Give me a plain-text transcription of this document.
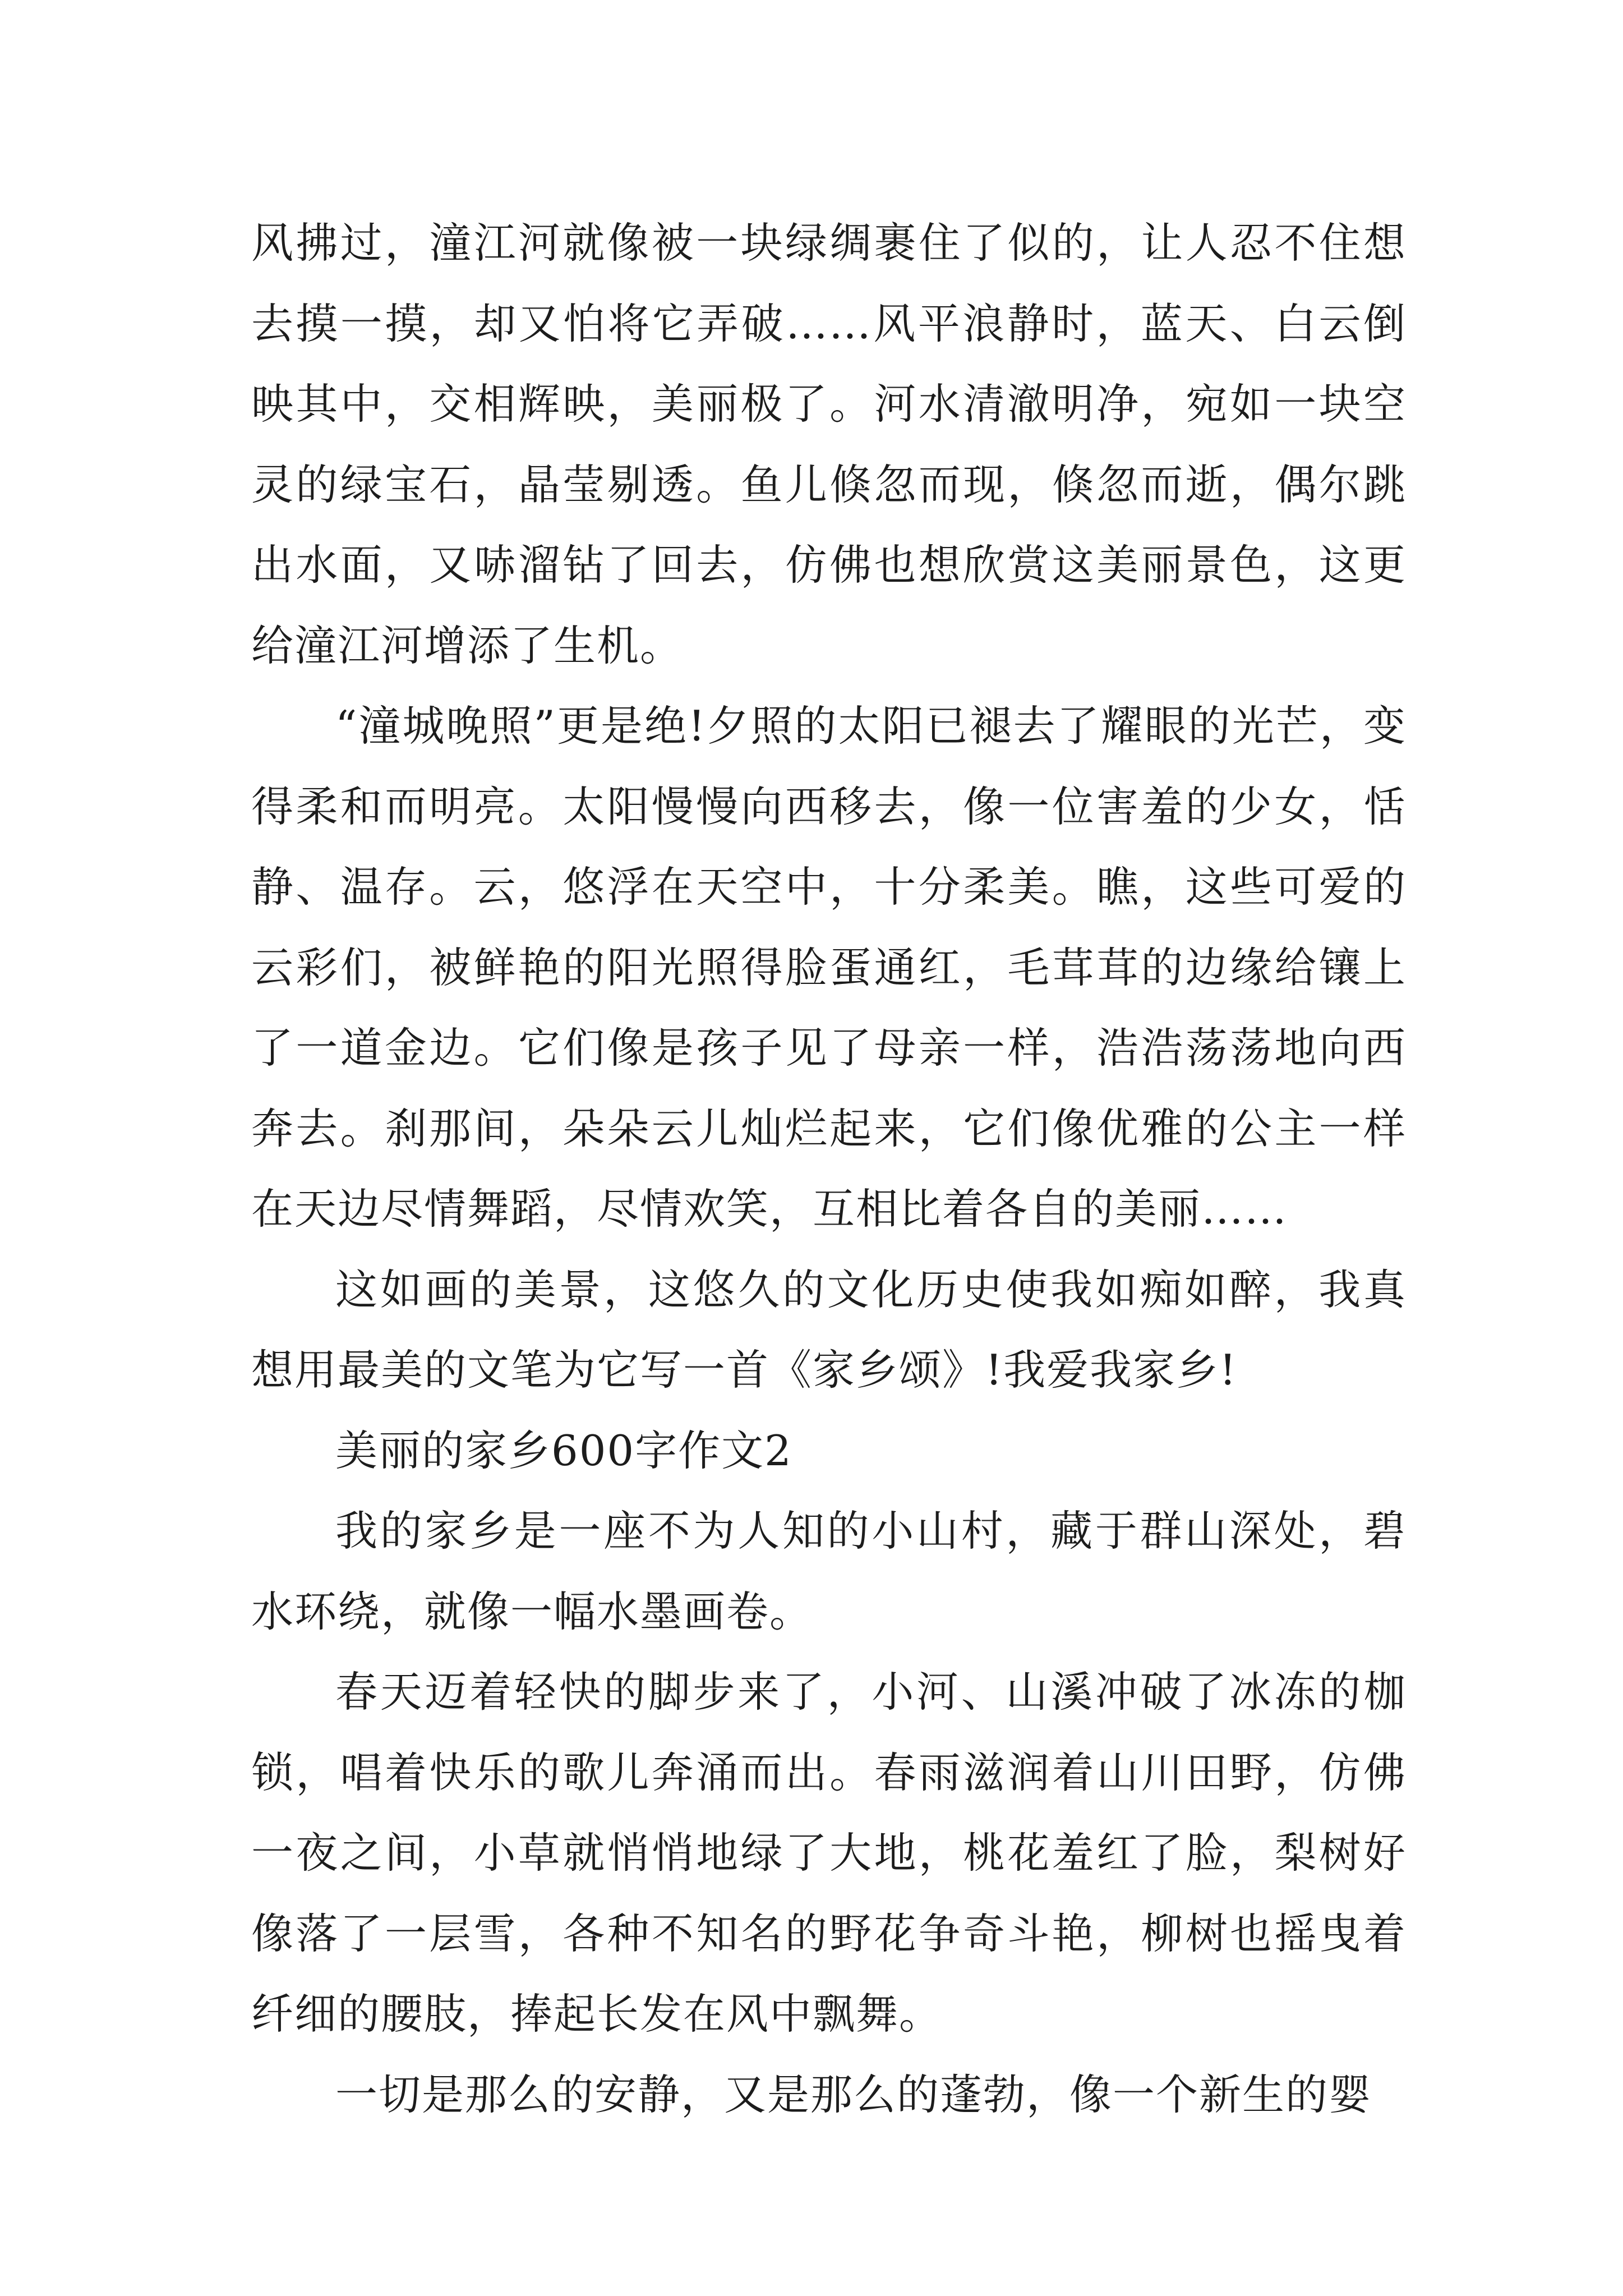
风拂过，潼江河就像被一块绿绸裹住了似的，让人忍不住想去摸一摸，却又怕将它弄破……风平浪静时，蓝天、白云倒映其中，交相辉映，美丽极了。河水清澈明净，宛如一块空灵的绿宝石，晶莹剔透。鱼儿倏忽而现，倏忽而逝，偶尔跳出水面，又哧溜钻了回去，仿佛也想欣赏这美丽景色，这更给潼江河增添了生机。

“潼城晚照”更是绝!夕照的太阳已褪去了耀眼的光芒，变得柔和而明亮。太阳慢慢向西移去，像一位害羞的少女，恬静、温存。云，悠浮在天空中，十分柔美。瞧，这些可爱的云彩们，被鲜艳的阳光照得脸蛋通红，毛茸茸的边缘给镶上了一道金边。它们像是孩子见了母亲一样，浩浩荡荡地向西奔去。刹那间，朵朵云儿灿烂起来，它们像优雅的公主一样在天边尽情舞蹈，尽情欢笑，互相比着各自的美丽……

这如画的美景，这悠久的文化历史使我如痴如醉，我真想用最美的文笔为它写一首《家乡颂》!我爱我家乡!

美丽的家乡600字作文2

我的家乡是一座不为人知的小山村，藏于群山深处，碧水环绕，就像一幅水墨画卷。

春天迈着轻快的脚步来了，小河、山溪冲破了冰冻的枷锁，唱着快乐的歌儿奔涌而出。春雨滋润着山川田野，仿佛一夜之间，小草就悄悄地绿了大地，桃花羞红了脸，梨树好像落了一层雪，各种不知名的野花争奇斗艳，柳树也摇曳着纤细的腰肢，捧起长发在风中飘舞。

一切是那么的安静，又是那么的蓬勃，像一个新生的婴
